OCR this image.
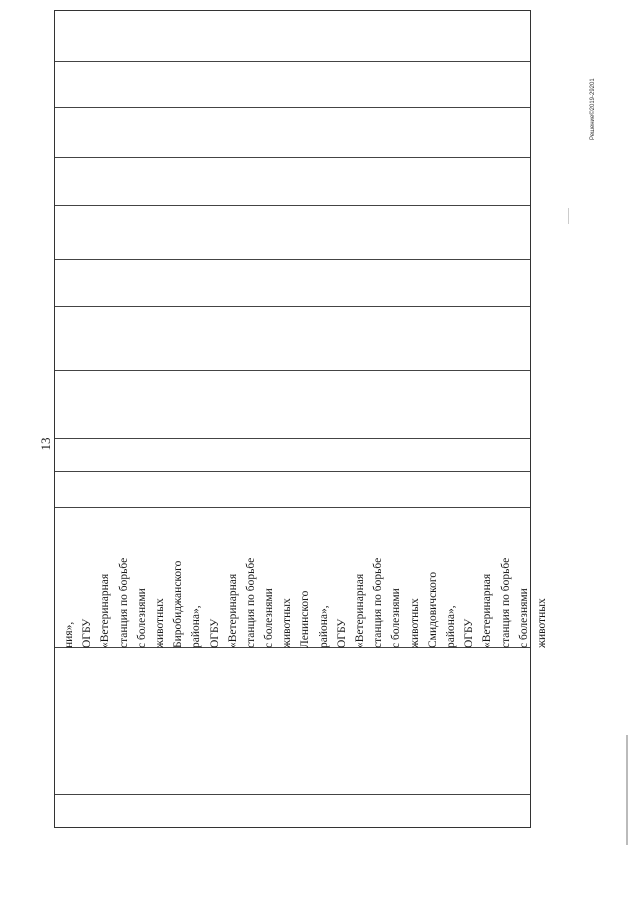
13
ния», ОГБУ «Ветеринарная станция по борьбе с болезнями животных Биробиджанского района», ОГБУ «Ветеринарная станция по борьбе с болезнями животных Ленинского района», ОГБУ «Ветеринарная станция по борьбе с болезнями животных Смидовичского района», ОГБУ «Ветеринарная станция по борьбе с болезнями животных
Решение©2019-29201
